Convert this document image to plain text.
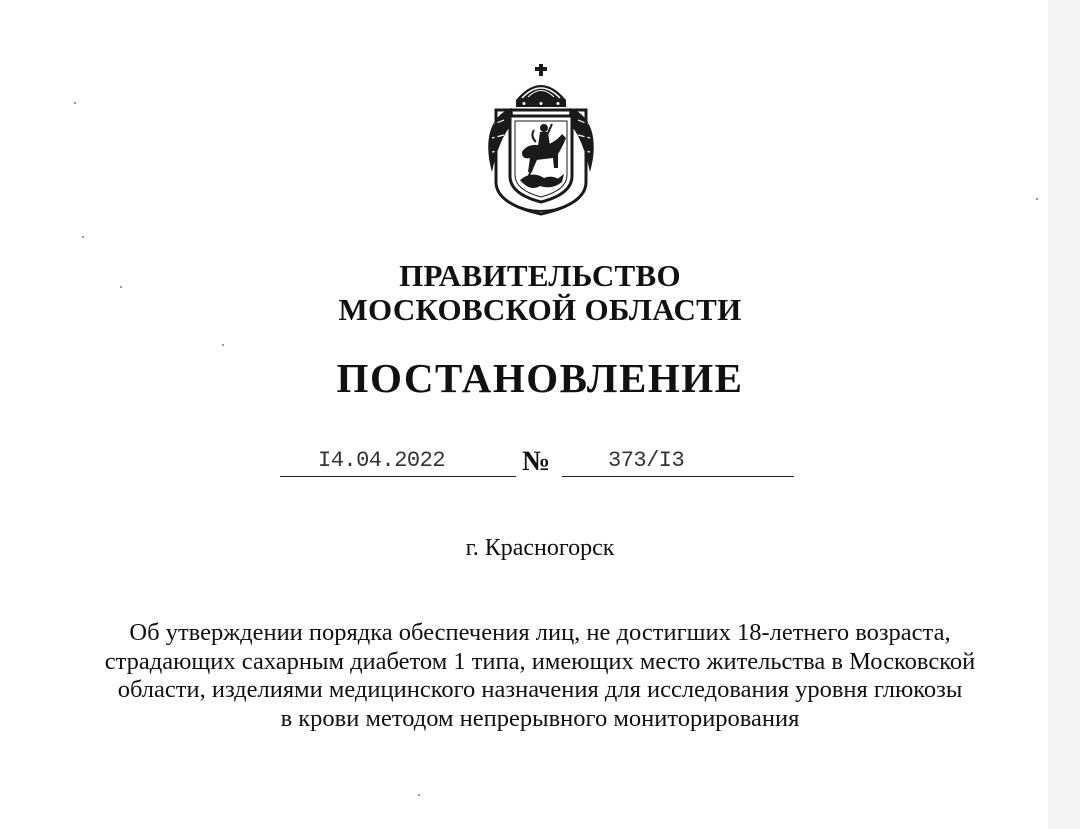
ПРАВИТЕЛЬСТВО
МОСКОВСКОЙ ОБЛАСТИ
ПОСТАНОВЛЕНИЕ
I4.04.2022	№	373/I3
г. Красногорск
Об утверждении порядка обеспечения лиц, не достигших 18-летнего возраста,
страдающих сахарным диабетом 1 типа, имеющих место жительства в Московской
области, изделиями медицинского назначения для исследования уровня глюкозы
в крови методом непрерывного мониторирования
